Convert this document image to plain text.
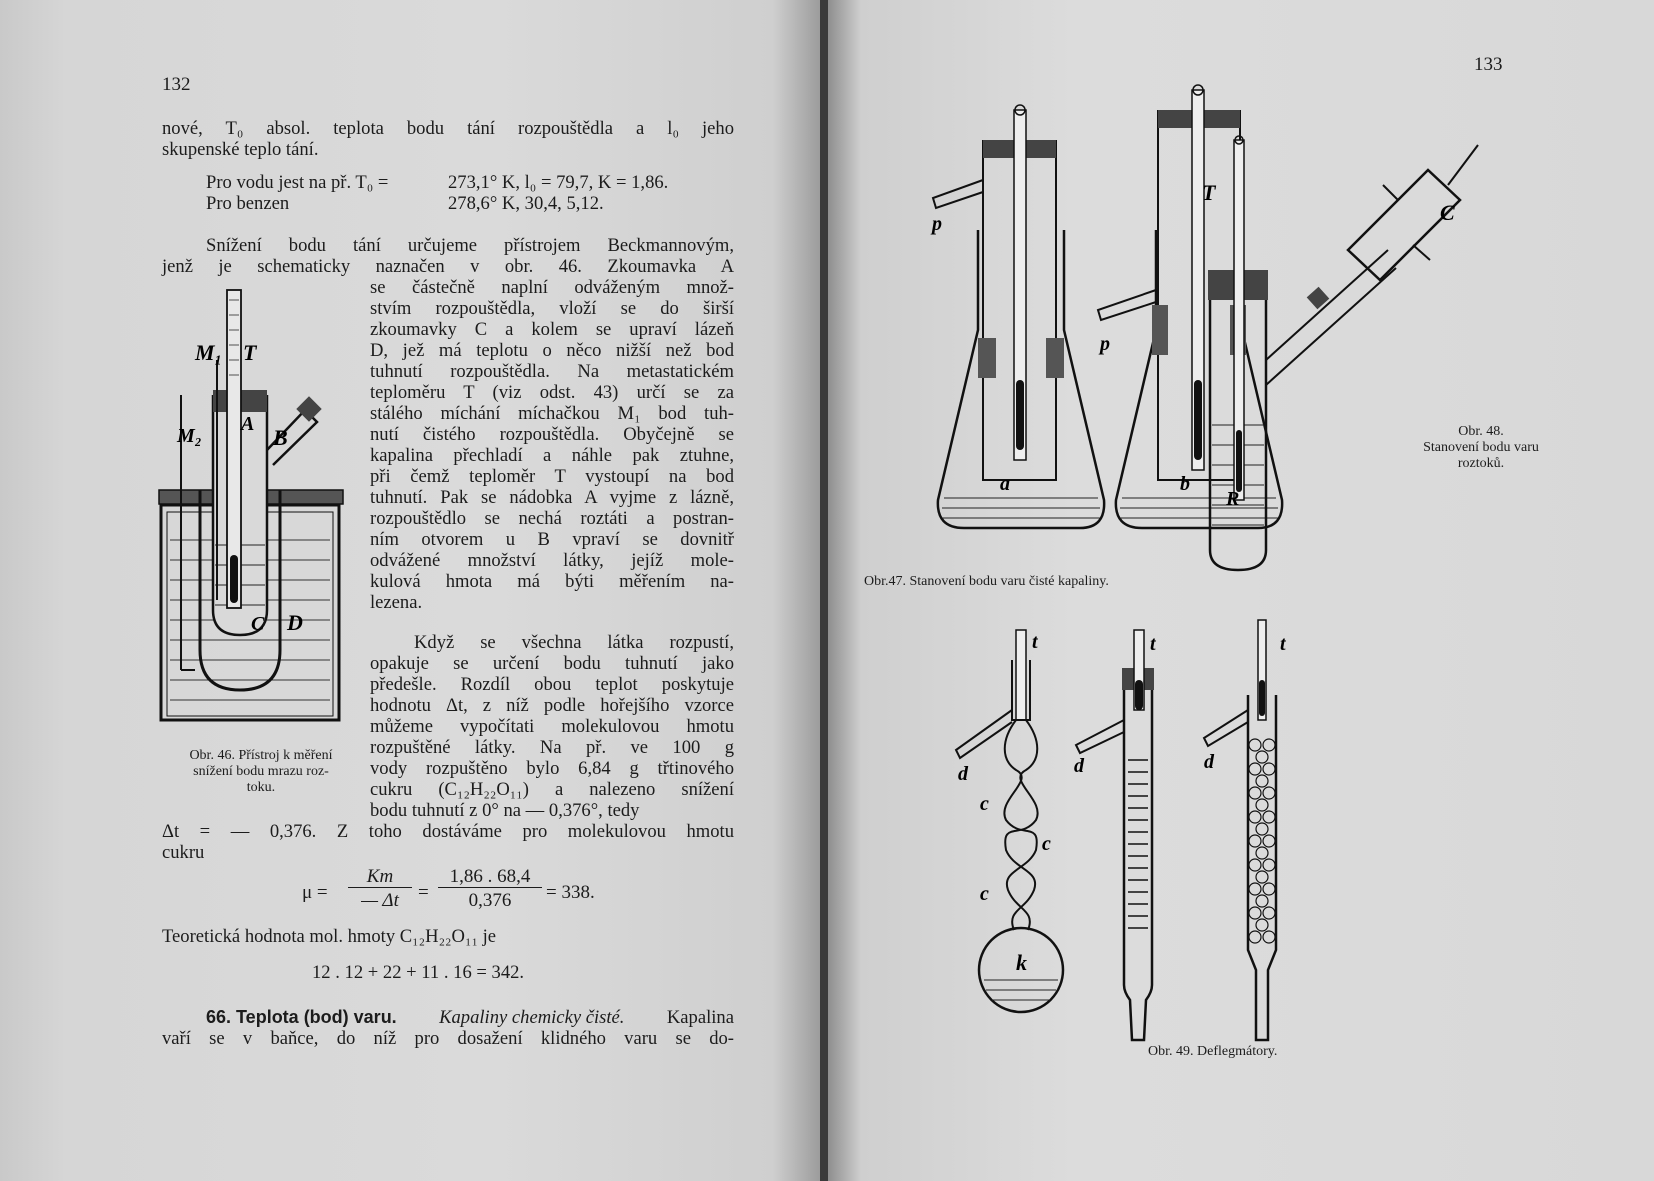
132
nové, T₀ absol. teplota bodu tání rozpouštědla a l₀ jeho
skupenské teplo tání.
Pro vodu jest na př. T₀ =	273,1° K, l₀ = 79,7, K = 1,86.
Pro benzen	278,6° K, 30,4, 5,12.
Snížení bodu tání určujeme přístrojem Beckmannovým,
jenž je schematicky naznačen v obr. 46. Zkoumavka A
se částečně naplní odváženým množ-
stvím rozpouštědla, vloží se do širší
zkoumavky C a kolem se upraví lázeň
D, jež má teplotu o něco nižší než bod
tuhnutí rozpouštědla. Na metastatickém
teploměru T (viz odst. 43) určí se za
stálého míchání míchačkou M₁ bod tuh-
nutí čistého rozpouštědla. Obyčejně se
kapalina přechladí a náhle pak ztuhne,
při čemž teploměr T vystoupí na bod
tuhnutí. Pak se nádobka A vyjme z lázně,
rozpouštědlo se nechá roztáti a postran-
ním otvorem u B vpraví se dovnitř
odvážené množství látky, jejíž mole-
kulová hmota má býti měřením na-
lezena.
M₁ T
M₂
A
B
C D
Obr. 46. Přístroj k měření
snížení bodu mrazu roz-
toku.
Když se všechna látka rozpustí,
opakuje se určení bodu tuhnutí jako
předešle. Rozdíl obou teplot poskytuje
hodnotu Δt, z níž podle hořejšího vzorce
můžeme vypočítati molekulovou hmotu
rozpuštěné látky. Na př. ve 100 g
vody rozpuštěno bylo 6,84 g třtinového
cukru (C₁₂H₂₂O₁₁) a nalezeno snížení
bodu tuhnutí z 0° na — 0,376°, tedy
Δt = — 0,376. Z toho dostáváme pro molekulovou hmotu
cukru
μ =
Km
— Δt	=
1,86 . 68,4
0,376	= 338.
Teoretická hodnota mol. hmoty C₁₂H₂₂O₁₁ je
12 . 12 + 22 + 11 . 16 = 342.
66. Teplota (bod) varu. Kapaliny chemicky čisté. Kapalina
vaří se v baňce, do níž pro dosažení klidného varu se do-
133
p
a
p
b
Obr.47. Stanovení bodu varu čisté kapaliny.
T
C
R
Obr. 48.
Stanovení bodu varu
roztoků.
t
d
c
c
c
k
t
d
t
d
Obr. 49. Deflegmátory.
